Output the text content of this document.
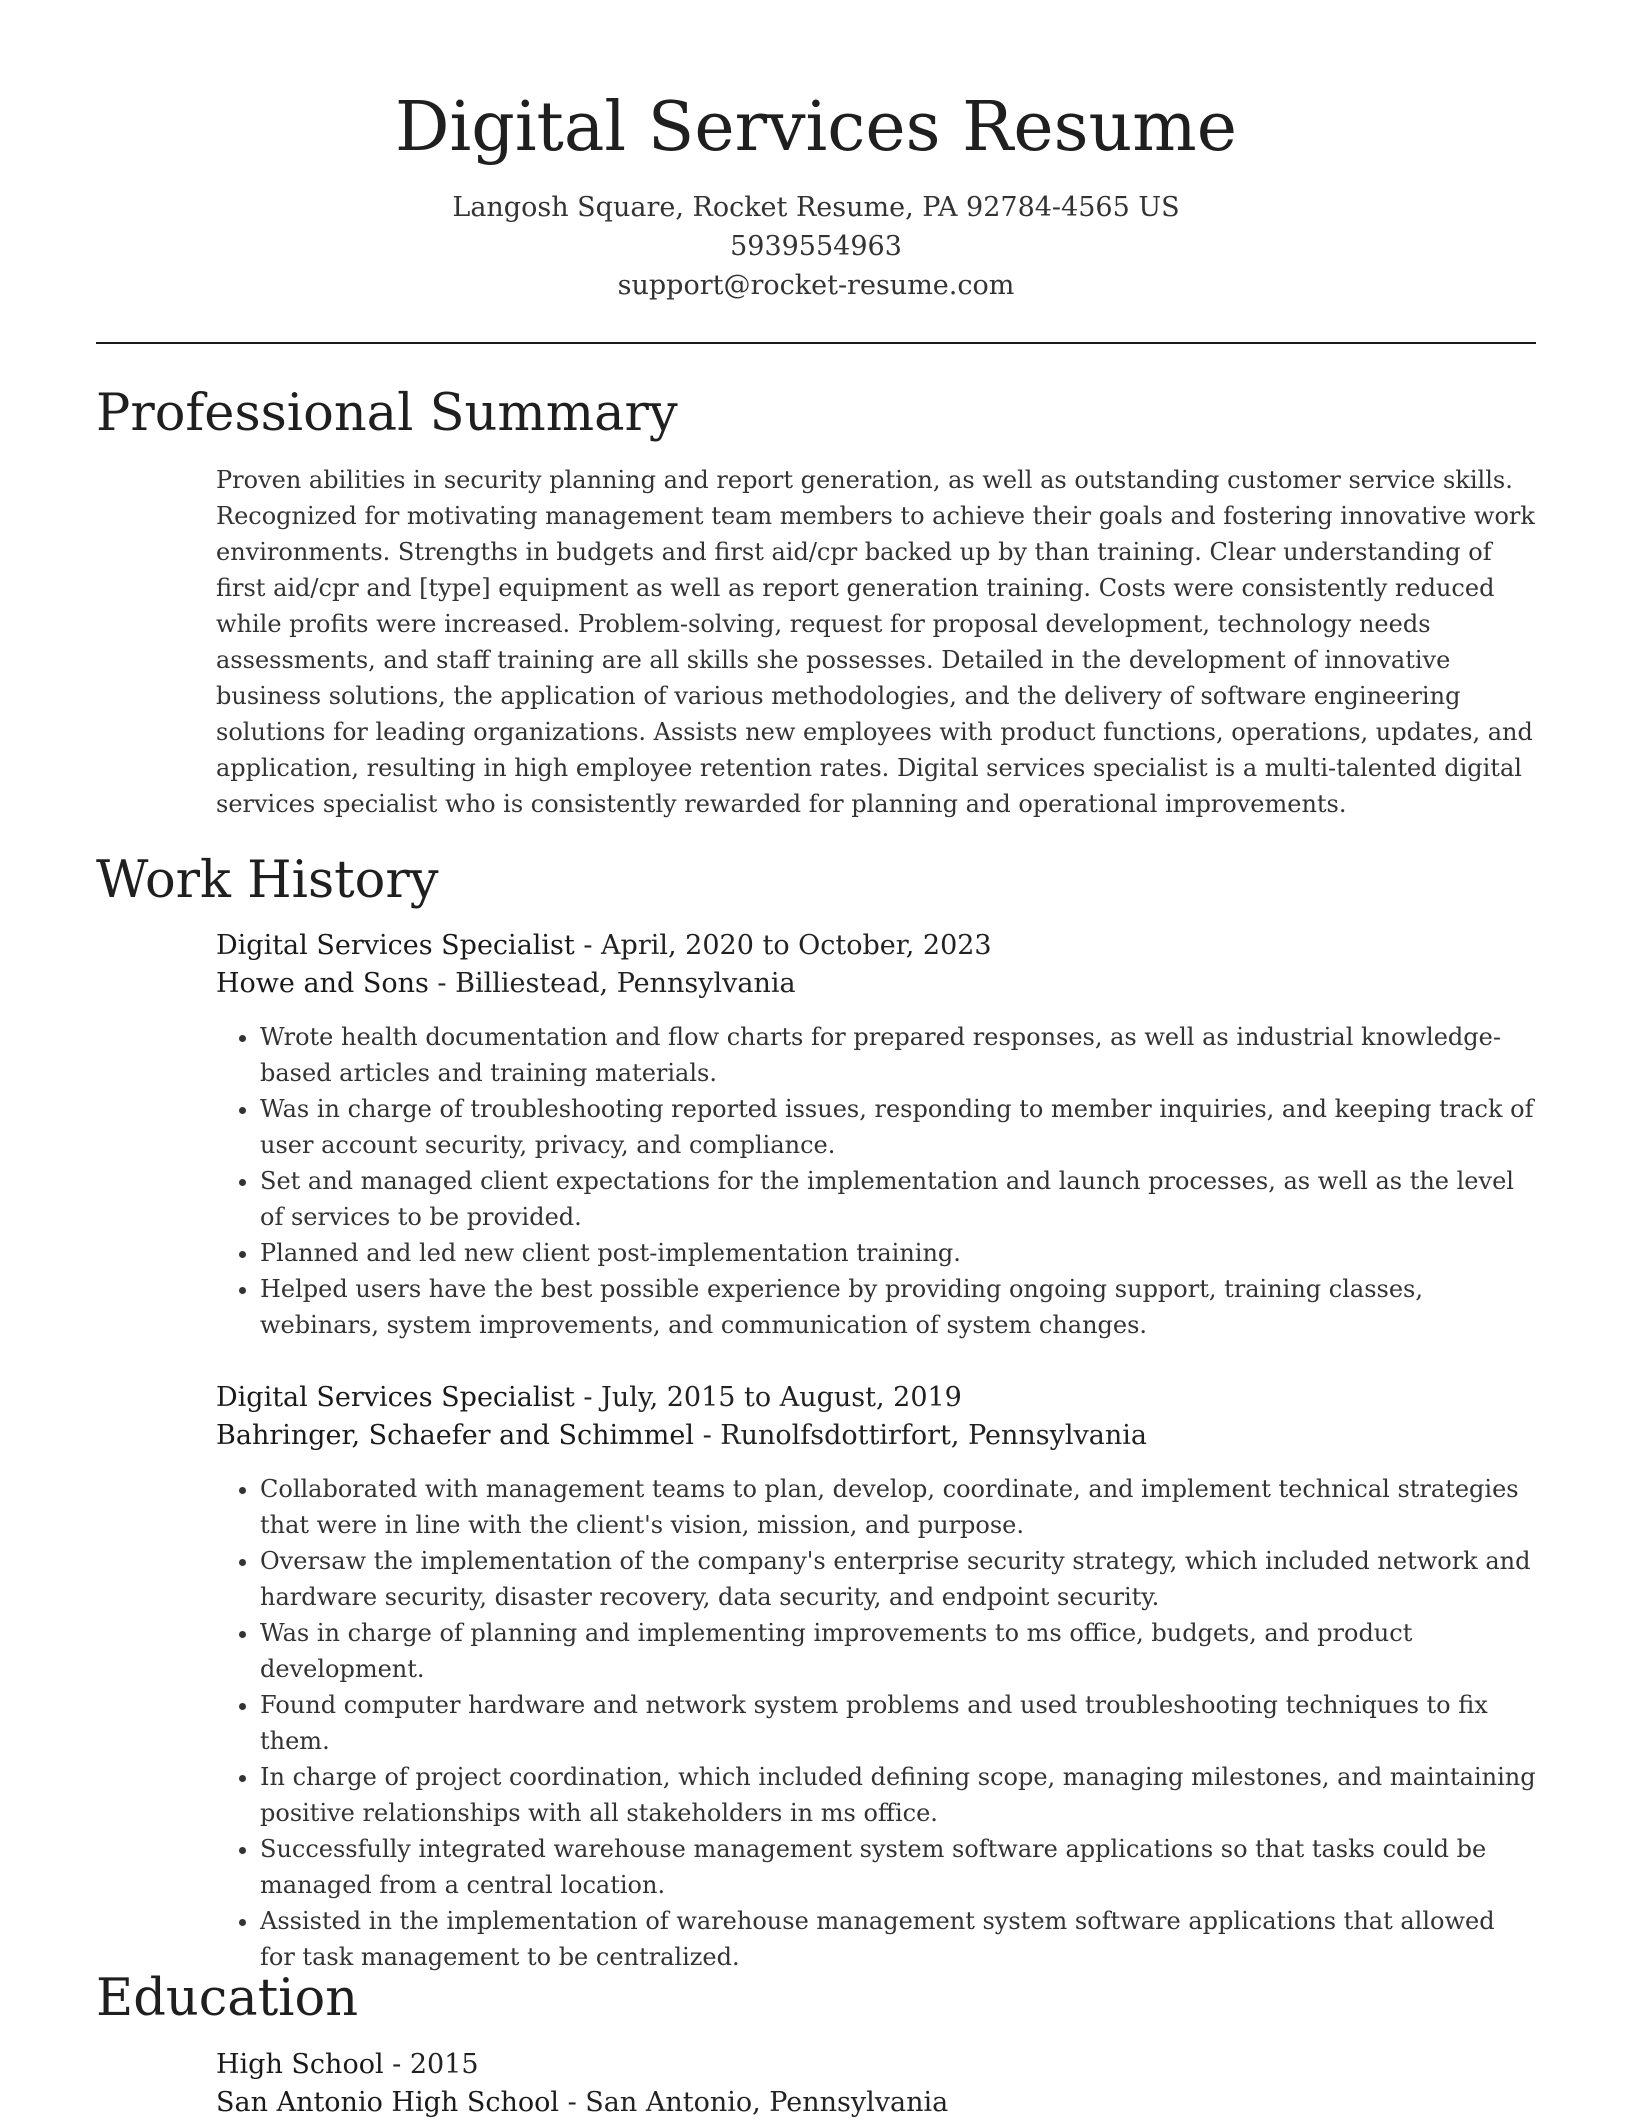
Digital Services Resume
Langosh Square, Rocket Resume, PA 92784-4565 US
5939554963
support@rocket-resume.com
Professional Summary
Proven abilities in security planning and report generation, as well as outstanding customer service skills. Recognized for motivating management team members to achieve their goals and fostering innovative work environments. Strengths in budgets and first aid/cpr backed up by than training. Clear understanding of first aid/cpr and [type] equipment as well as report generation training. Costs were consistently reduced while profits were increased. Problem-solving, request for proposal development, technology needs assessments, and staff training are all skills she possesses. Detailed in the development of innovative business solutions, the application of various methodologies, and the delivery of software engineering solutions for leading organizations. Assists new employees with product functions, operations, updates, and application, resulting in high employee retention rates. Digital services specialist is a multi-talented digital services specialist who is consistently rewarded for planning and operational improvements.
Work History
Digital Services Specialist - April, 2020 to October, 2023
Howe and Sons - Billiestead, Pennsylvania
• Wrote health documentation and flow charts for prepared responses, as well as industrial knowledge-based articles and training materials.
• Was in charge of troubleshooting reported issues, responding to member inquiries, and keeping track of user account security, privacy, and compliance.
• Set and managed client expectations for the implementation and launch processes, as well as the level of services to be provided.
• Planned and led new client post-implementation training.
• Helped users have the best possible experience by providing ongoing support, training classes, webinars, system improvements, and communication of system changes.
Digital Services Specialist - July, 2015 to August, 2019
Bahringer, Schaefer and Schimmel - Runolfsdottirfort, Pennsylvania
• Collaborated with management teams to plan, develop, coordinate, and implement technical strategies that were in line with the client's vision, mission, and purpose.
• Oversaw the implementation of the company's enterprise security strategy, which included network and hardware security, disaster recovery, data security, and endpoint security.
• Was in charge of planning and implementing improvements to ms office, budgets, and product development.
• Found computer hardware and network system problems and used troubleshooting techniques to fix them.
• In charge of project coordination, which included defining scope, managing milestones, and maintaining positive relationships with all stakeholders in ms office.
• Successfully integrated warehouse management system software applications so that tasks could be managed from a central location.
• Assisted in the implementation of warehouse management system software applications that allowed for task management to be centralized.
Education
High School - 2015
San Antonio High School - San Antonio, Pennsylvania
